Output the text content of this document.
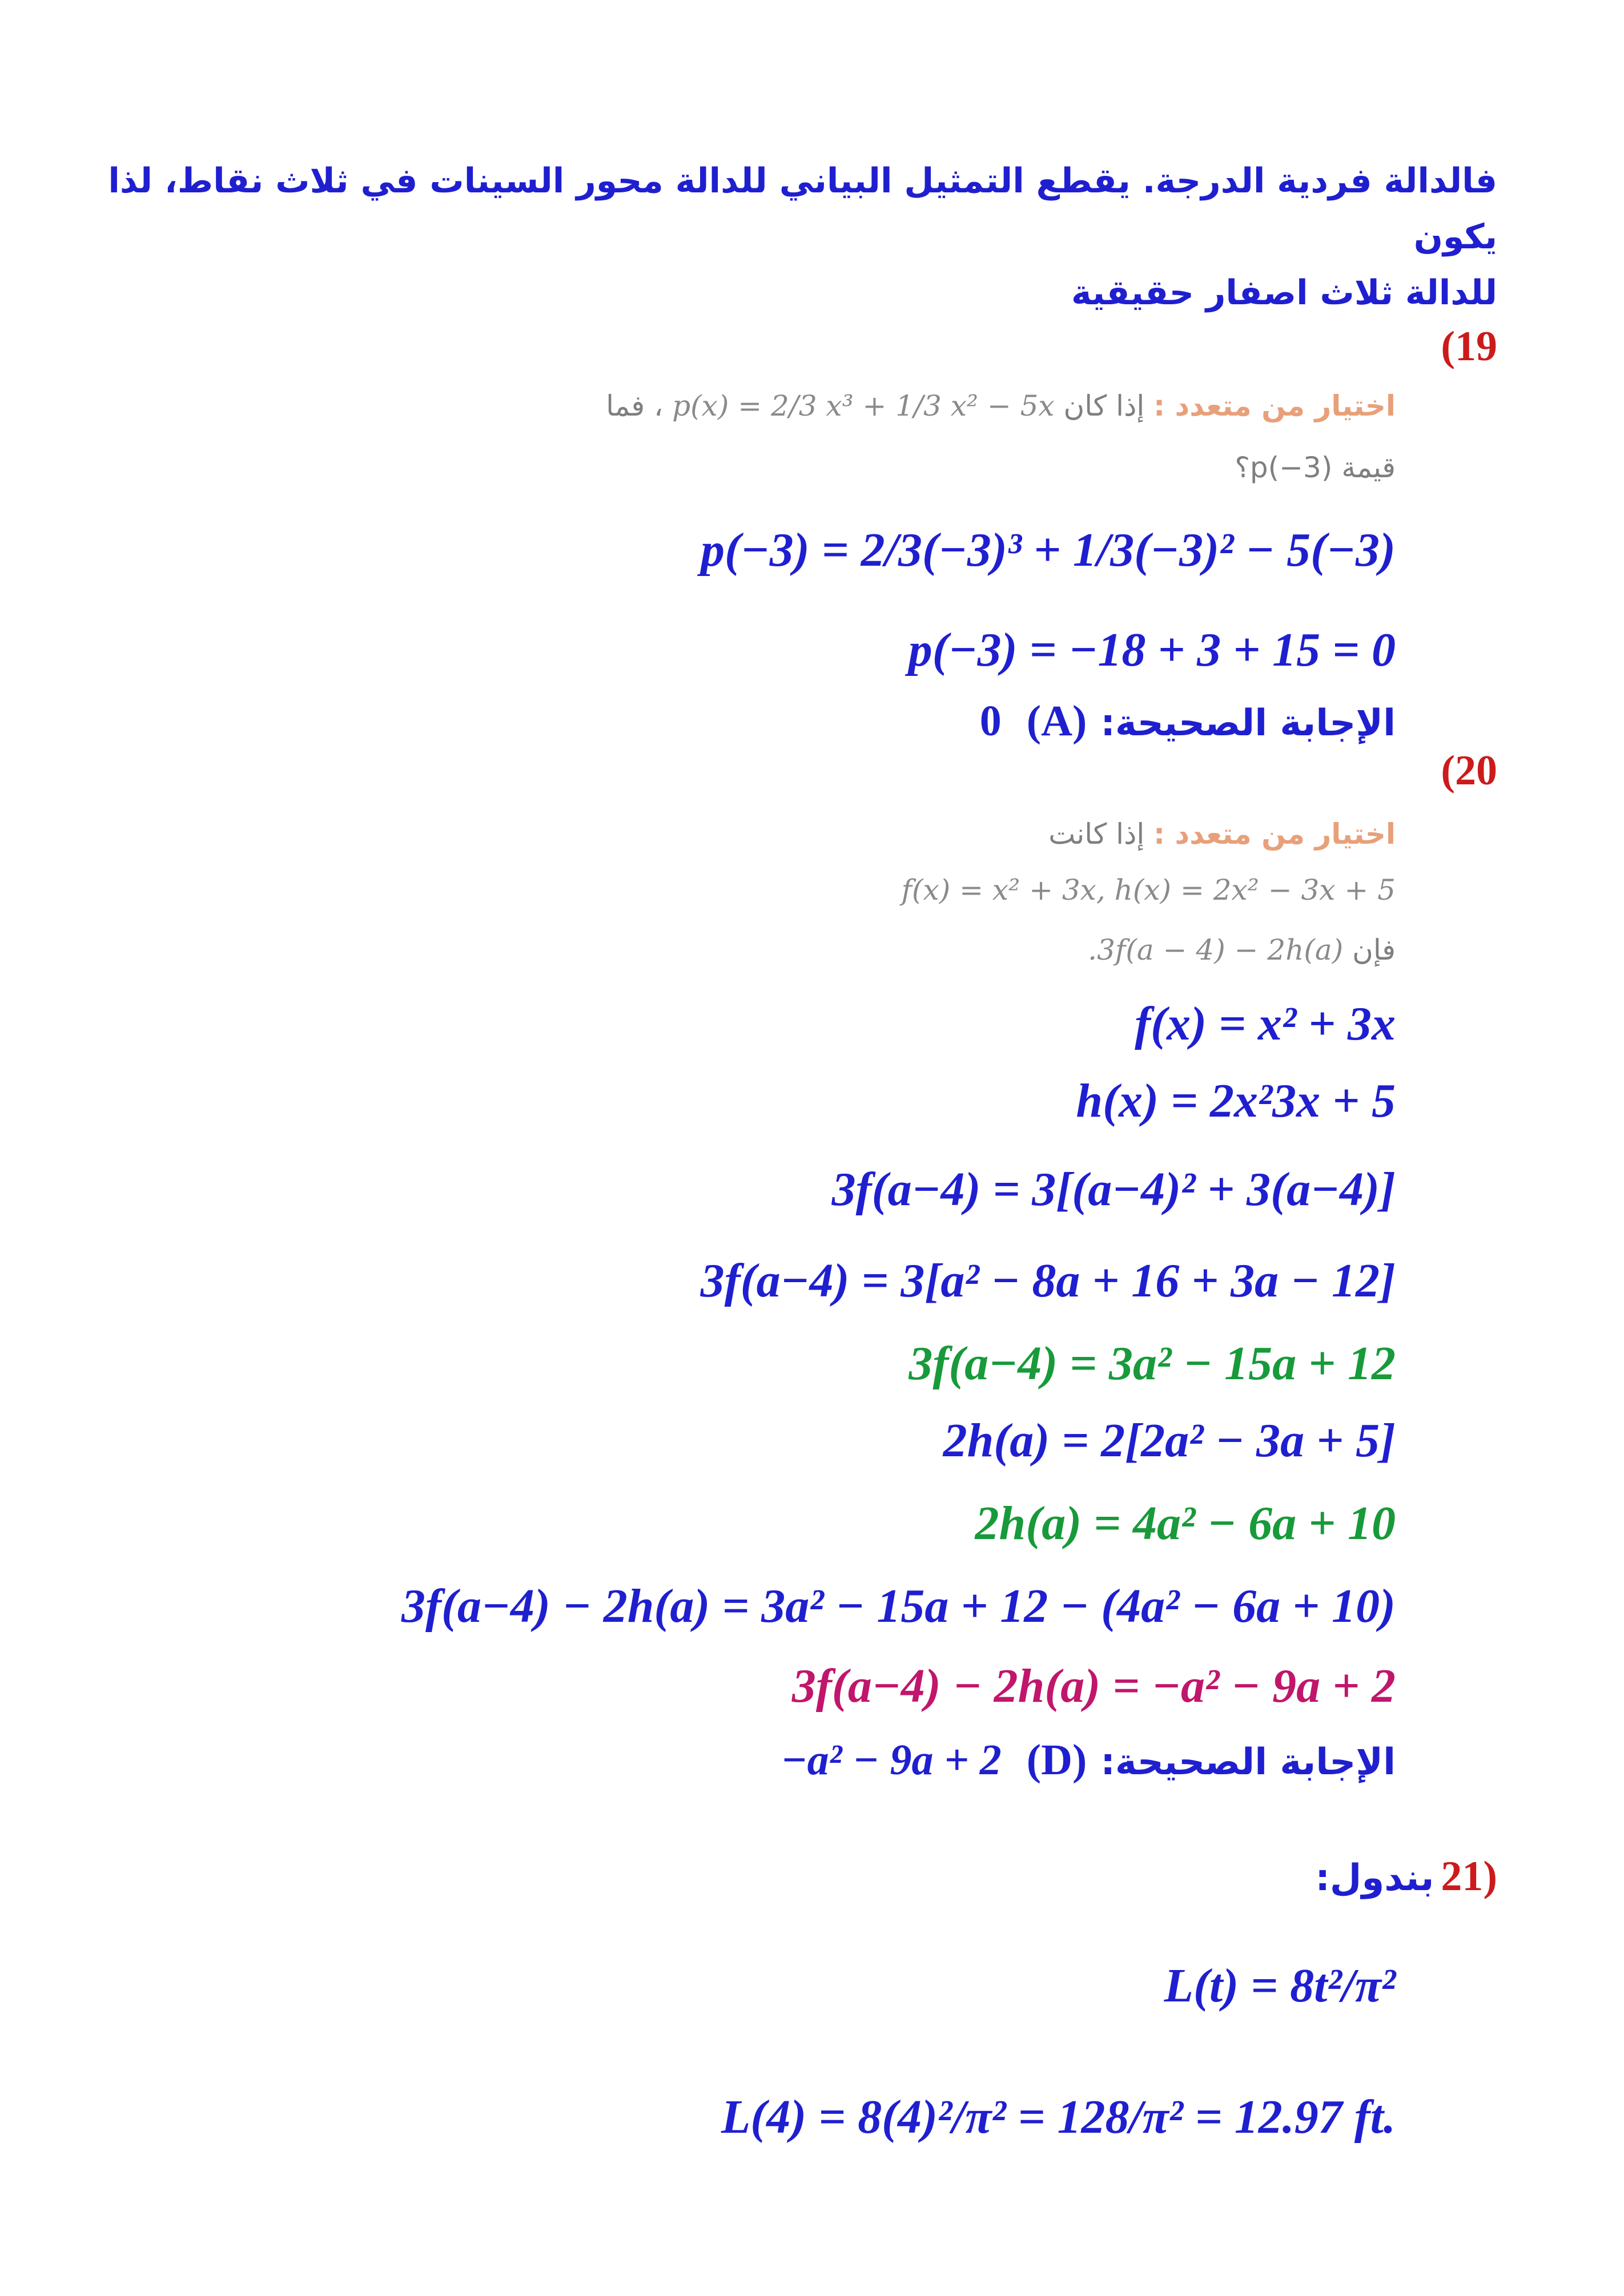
فالدالة فردية الدرجة. يقطع التمثيل البياني للدالة محور السينات في ثلاث نقاط، لذا يكون
للدالة ثلاث اصفار حقيقية
(19
اختيار من متعدد : إذا كان p(x) = 2/3 x³ + 1/3 x² − 5x ، فما
قيمة p(−3)؟
p(−3) = 2/3(−3)³ + 1/3(−3)² − 5(−3)
p(−3) = −18 + 3 + 15 = 0
الإجابة الصحيحة:
(A)
0
(20
اختيار من متعدد : إذا كانت
f(x) = x² + 3x, h(x) = 2x² − 3x + 5
فإن 3f(a − 4) − 2h(a).
f(x) = x² + 3x
h(x) = 2x²3x + 5
3f(a−4) = 3[(a−4)² + 3(a−4)]
3f(a−4) = 3[a² − 8a + 16 + 3a − 12]
3f(a−4) = 3a² − 15a + 12
2h(a) = 2[2a² − 3a + 5]
2h(a) = 4a² − 6a + 10
3f(a−4) − 2h(a) = 3a² − 15a + 12 − (4a² − 6a + 10)
3f(a−4) − 2h(a) = −a² − 9a + 2
الإجابة الصحيحة:
(D)
−a² − 9a + 2
21)
بندول:
L(t) = 8t²/π²
L(4) = 8(4)²/π² = 128/π² = 12.97 ft.
